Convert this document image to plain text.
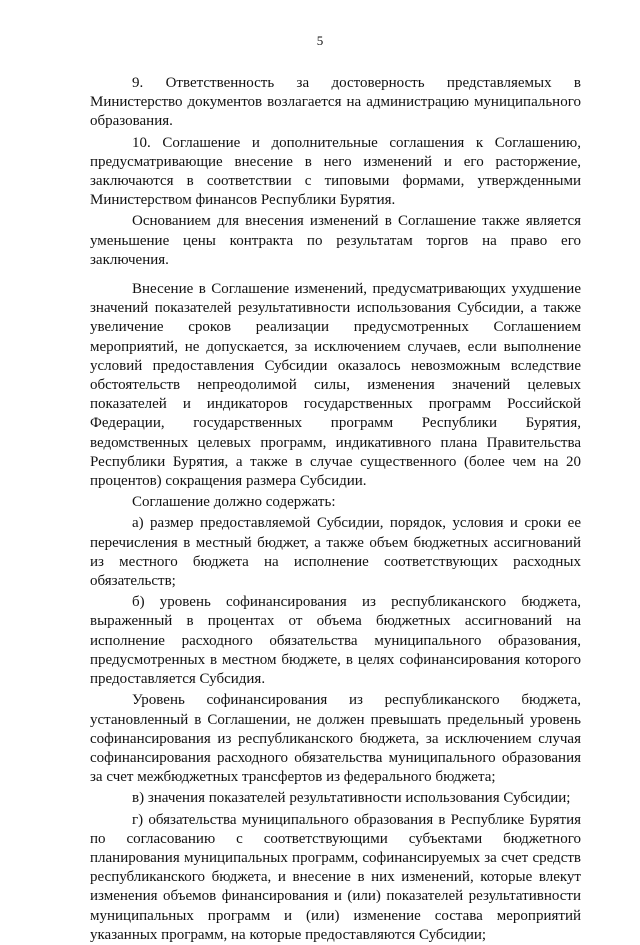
5

9. Ответственность за достоверность представляемых в Министерство документов возлагается на администрацию муниципального образования.

10. Соглашение и дополнительные соглашения к Соглашению, предусматривающие внесение в него изменений и его расторжение, заключаются в соответствии с типовыми формами, утвержденными Министерством финансов Республики Бурятия.

Основанием для внесения изменений в Соглашение также является уменьшение цены контракта по результатам торгов на право его заключения.

Внесение в Соглашение изменений, предусматривающих ухудшение значений показателей результативности использования Субсидии, а также увеличение сроков реализации предусмотренных Соглашением мероприятий, не допускается, за исключением случаев, если выполнение условий предоставления Субсидии оказалось невозможным вследствие обстоятельств непреодолимой силы, изменения значений целевых показателей и индикаторов государственных программ Российской Федерации, государственных программ Республики Бурятия, ведомственных целевых программ, индикативного плана Правительства Республики Бурятия, а также в случае существенного (более чем на 20 процентов) сокращения размера Субсидии.

Соглашение должно содержать:

а) размер предоставляемой Субсидии, порядок, условия и сроки ее перечисления в местный бюджет, а также объем бюджетных ассигнований из местного бюджета на исполнение соответствующих расходных обязательств;

б) уровень софинансирования из республиканского бюджета, выраженный в процентах от объема бюджетных ассигнований на исполнение расходного обязательства муниципального образования, предусмотренных в местном бюджете, в целях софинансирования которого предоставляется Субсидия.

Уровень софинансирования из республиканского бюджета, установленный в Соглашении, не должен превышать предельный уровень софинансирования из республиканского бюджета, за исключением случая софинансирования расходного обязательства муниципального образования за счет межбюджетных трансфертов из федерального бюджета;

в) значения показателей результативности использования Субсидии;

г) обязательства муниципального образования в Республике Бурятия по согласованию с соответствующими субъектами бюджетного планирования муниципальных программ, софинансируемых за счет средств республиканского бюджета, и внесение в них изменений, которые влекут изменения объемов финансирования и (или) показателей результативности муниципальных программ и (или) изменение состава мероприятий указанных программ, на которые предоставляются Субсидии;
